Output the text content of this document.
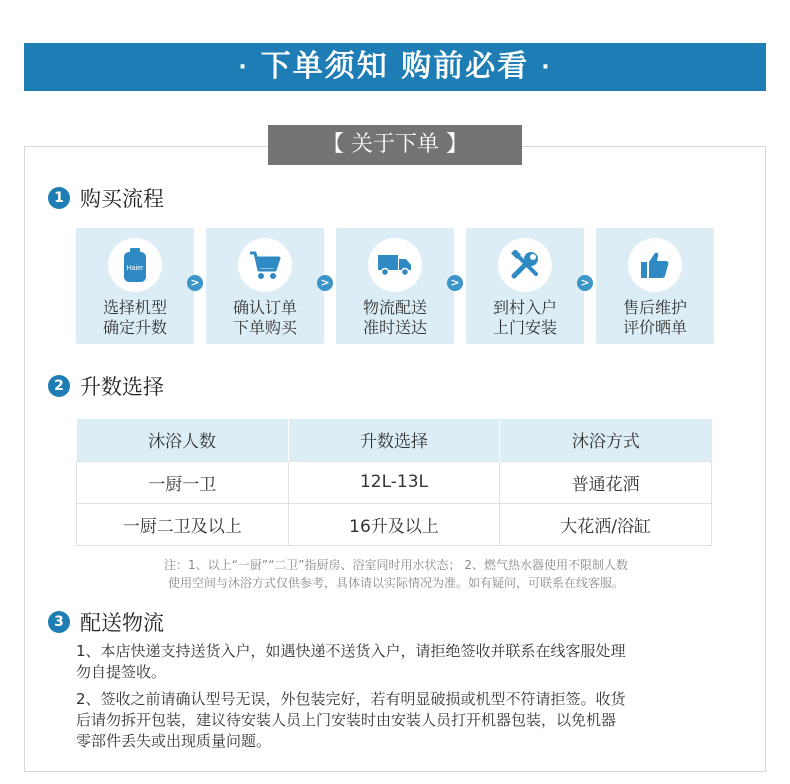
· 下单须知 购前必看 ·
【 关于下单 】
1 购买流程
Haier
选择机型
确定升数
>
确认订单
下单购买
>
物流配送
准时送达
>
到村入户
上门安装
>
售后维护
评价晒单
2 升数选择
沐浴人数	升数选择	沐浴方式
一厨一卫	12L-13L	普通花洒
一厨二卫及以上	16升及以上	大花洒/浴缸
注：1、以上“一厨”“二卫”指厨房、浴室同时用水状态； 2、燃气热水器使用不限制人数
使用空间与沐浴方式仅供参考，具体请以实际情况为准。如有疑问，可联系在线客服。
3 配送物流
1、本店快递支持送货入户，如遇快递不送货入户，请拒绝签收并联系在线客服处理
勿自提签收。
2、签收之前请确认型号无误，外包装完好，若有明显破损或机型不符请拒签。收货
后请勿拆开包装，建议待安装人员上门安装时由安装人员打开机器包装，以免机器
零部件丢失或出现质量问题。
